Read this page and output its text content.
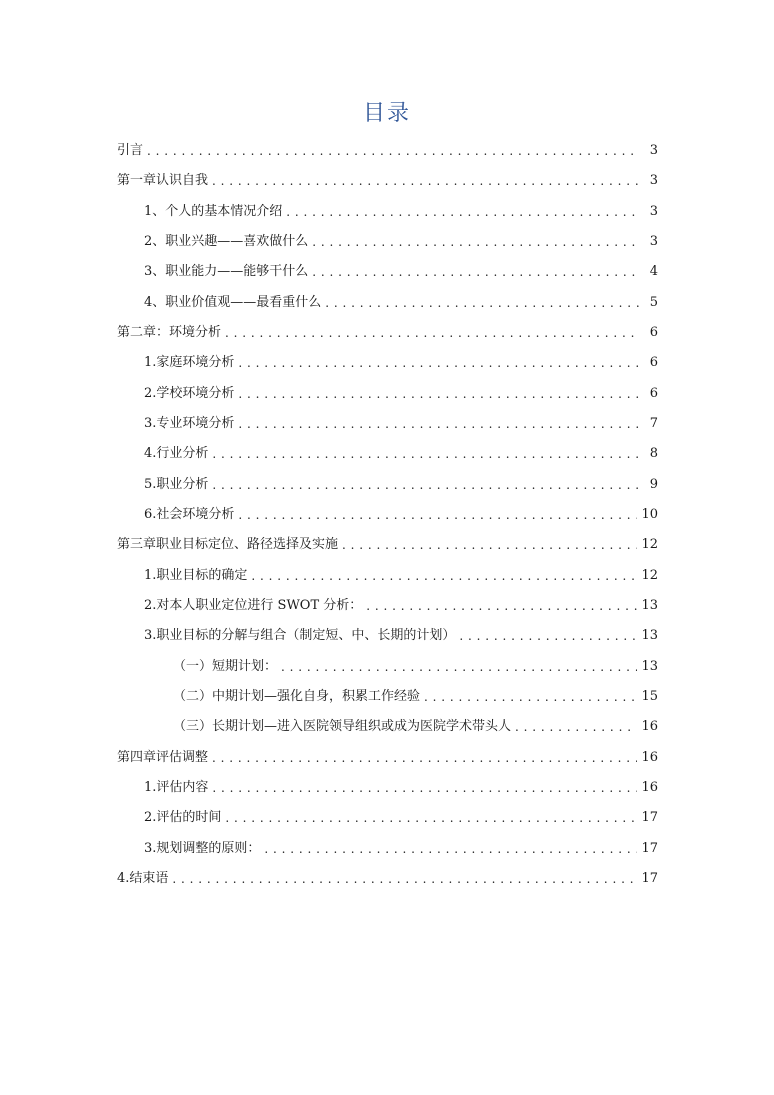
目录
引言 . . .	3
第一章认识自我 . . .	3
1、个人的基本情况介绍 . . .	3
2、职业兴趣——喜欢做什么 . . .	3
3、职业能力——能够干什么 . . .	4
4、职业价值观——最看重什么 . . .	5
第二章：环境分析 . . .	6
1.家庭环境分析 . . .	6
2.学校环境分析 . . .	6
3.专业环境分析 . . .	7
4.行业分析 . . .	8
5.职业分析 . . .	9
6.社会环境分析 . . .	10
第三章职业目标定位、路径选择及实施 . . .	12
1.职业目标的确定 . . .	12
2.对本人职业定位进行 SWOT 分析： . . .	13
3.职业目标的分解与组合（制定短、中、长期的计划） . . .	13
（一）短期计划： . . .	13
（二）中期计划—强化自身，积累工作经验 . . .	15
（三）长期计划—进入医院领导组织或成为医院学术带头人 . . .	16
第四章评估调整 . . .	16
1.评估内容 . . .	16
2.评估的时间 . . .	17
3.规划调整的原则： . . .	17
4.结束语 . . .	17
